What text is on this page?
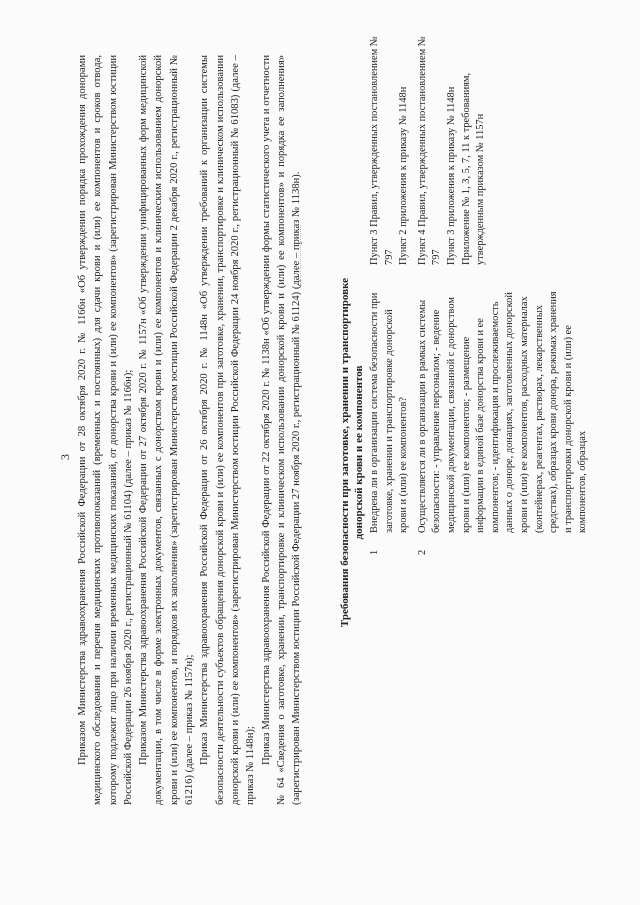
3 Приказом Министерства здравоохранения Российской Федерации от 28 октября 2020 г. № 1166н «Об утверждении порядка прохождения донорами медицинского обследования и перечня медицинских противопоказаний (временных и постоянных) для сдачи крови и (или) ее компонентов и сроков отвода, которому подлежит лицо при наличии временных медицинских показаний, от донорства крови и (или) ее компонентов» (зарегистрирован Министерством юстиции Российской Федерации 26 ноября 2020 г., регистрационный № 61104) (далее – приказ № 1166н); Приказом Министерства здравоохранения Российской Федерации от 27 октября 2020 г. № 1157н «Об утверждении унифицированных форм медицинской документации, в том числе в форме электронных документов, связанных с донорством крови и (или) ее компонентов и клиническим использованием донорской крови и (или) ее компонентов, и порядков их заполнения» (зарегистрирован Министерством юстиции Российской Федерации 2 декабря 2020 г., регистрационный № 61216) (далее – приказ № 1157н); Приказ Министерства здравоохранения Российской Федерации от 26 октября 2020 г. № 1148н «Об утверждении требований к организации системы безопасности деятельности субъектов обращения донорской крови и (или) ее компонентов при заготовке, хранении, транспортировке и клиническом использовании донорской крови и (или) ее компонентов» (зарегистрирован Министерством юстиции Российской Федерации 24 ноября 2020 г., регистрационный № 61083) (далее – приказ № 1148н);

Приказ Министерства здравоохранения Российской Федерации от 22 октября 2020 г. № 1138н «Об утверждении формы статистического учета и отчетности № 64 «Сведения о заготовке, хранении, транспортировке и клиническом использовании донорской крови и (или) ее компонентов» и порядка ее заполнения» (зарегистрирован Министерством юстиции Российской Федерации 27 ноября 2020 г., регистрационный № 61124) (далее – приказ № 1138н).	Требования безопасности при заготовке, хранении и транспортировке донорской крови и ее компонентов
1
Внедрена ли в организации система безопасности при заготовке, хранении и транспортировке донорской крови и (или) ее компонентов?
Пункт 3 Правил, утвержденных постановлением № 797 Пункт 2 приложения к приказу № 1148н
2
Осуществляется ли в организации в рамках системы безопасности: - управление персоналом; - ведение медицинской документации, связанной с донорством крови и (или) ее компонентов; - размещение информации в единой базе донорства крови и ее компонентов; - идентификация и прослеживаемость данных о доноре, донациях, заготовленных донорской крови и (или) ее компонентов, расходных материалах (контейнерах, реагентах, растворах, лекарственных средствах), образцах крови донора, режимах хранения и транспортировки донорской крови и (или) ее компонентов, образцах
Пункт 4 Правил, утвержденных постановлением № 797 Пункт 3 приложения к приказу № 1148н Приложение № 1, 3, 5, 7, 11 к требованиям, утвержденным приказом № 1157н
